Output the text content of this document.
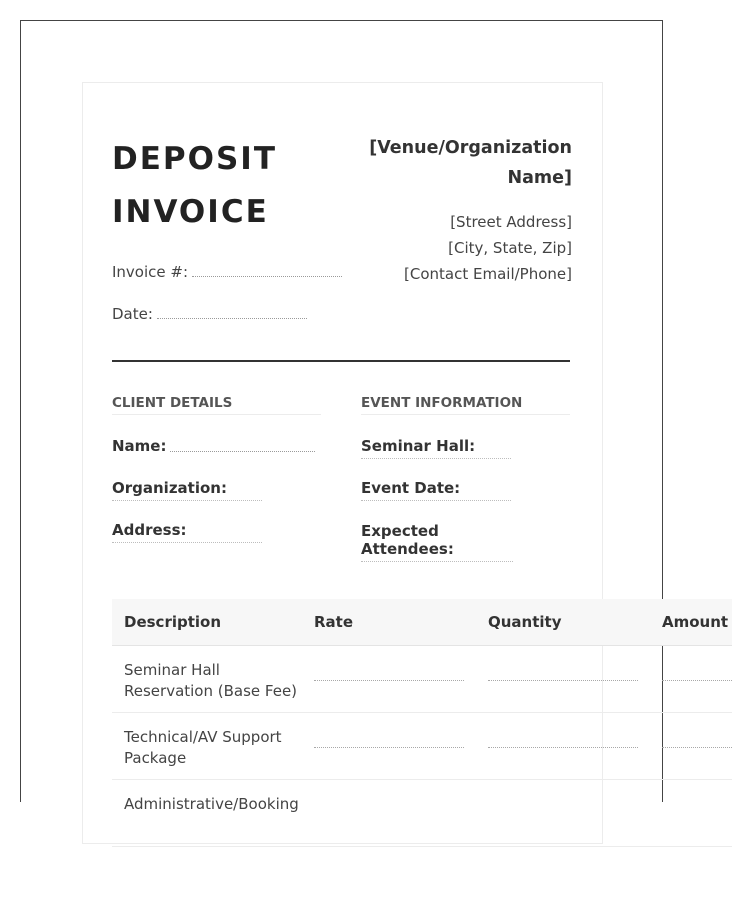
DEPOSIT
INVOICE
Invoice #:
Date:
[Venue/Organization
Name]
[Street Address]
[City, State, Zip]
[Contact Email/Phone]
CLIENT DETAILS	EVENT INFORMATION
Name:
Organization:
Address:
Seminar Hall:
Event Date:
Expected Attendees:
Description	Rate	Quantity	Amount
Seminar Hall Reservation (Base Fee)
Technical/AV Support Package
Administrative/Booking
